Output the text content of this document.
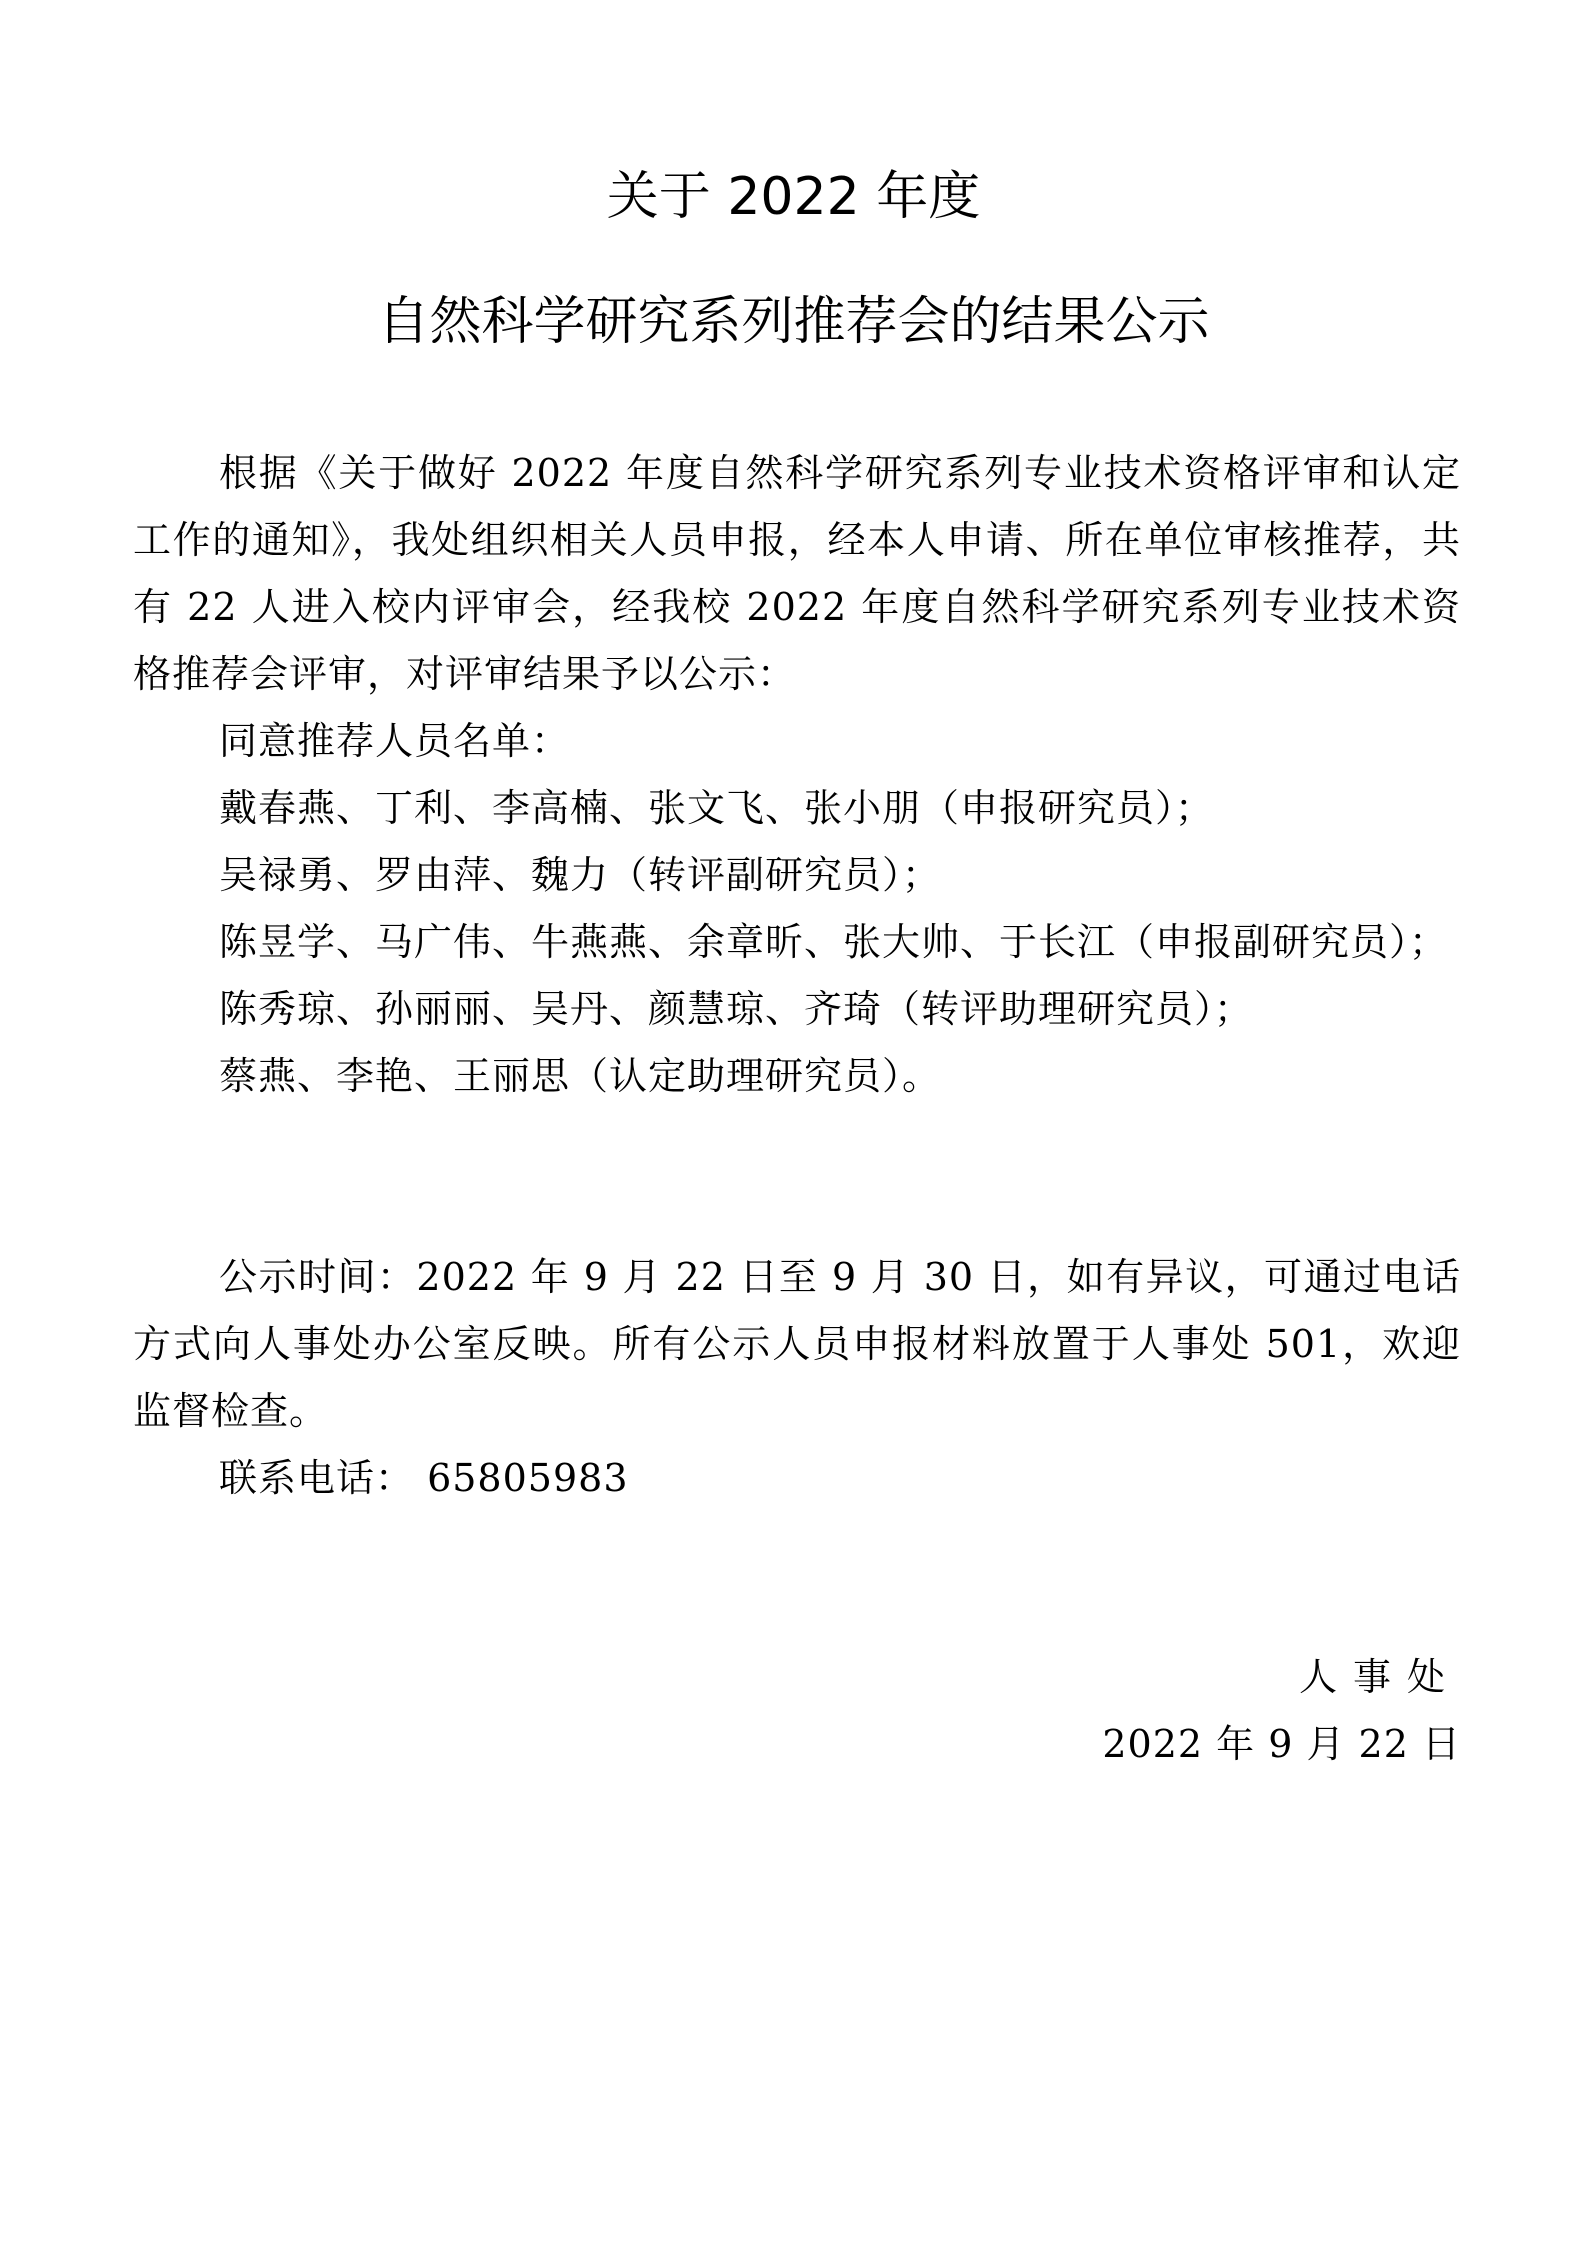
关于 2022 年度
自然科学研究系列推荐会的结果公示

根据《关于做好 2022 年度自然科学研究系列专业技术资格评审和认定工作的通知》，我处组织相关人员申报，经本人申请、所在单位审核推荐，共有 22 人进入校内评审会，经我校 2022 年度自然科学研究系列专业技术资格推荐会评审，对评审结果予以公示：

同意推荐人员名单：

戴春燕、丁利、李高楠、张文飞、张小朋（申报研究员）；

吴禄勇、罗由萍、魏力（转评副研究员）；

陈昱学、马广伟、牛燕燕、余章昕、张大帅、于长江（申报副研究员）；

陈秀琼、孙丽丽、吴丹、颜慧琼、齐琦（转评助理研究员）；

蔡燕、李艳、王丽思（认定助理研究员）。

公示时间：2022 年 9 月 22 日至 9 月 30 日，如有异议，可通过电话方式向人事处办公室反映。所有公示人员申报材料放置于人事处 501，欢迎监督检查。

联系电话： 65805983

人事处
2022 年 9 月 22 日
